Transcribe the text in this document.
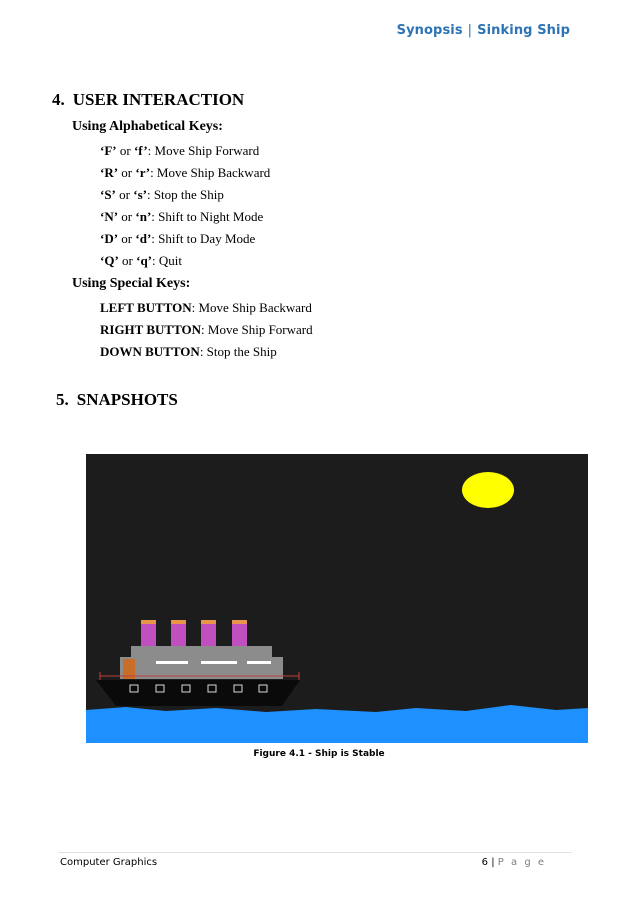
Synopsis | Sinking Ship
4. USER INTERACTION
Using Alphabetical Keys:
‘F’ or ‘f’: Move Ship Forward
‘R’ or ‘r’: Move Ship Backward
‘S’ or ‘s’: Stop the Ship
‘N’ or ‘n’: Shift to Night Mode
‘D’ or ‘d’: Shift to Day Mode
‘Q’ or ‘q’: Quit
Using Special Keys:
LEFT BUTTON: Move Ship Backward
RIGHT BUTTON: Move Ship Forward
DOWN BUTTON: Stop the Ship
5. SNAPSHOTS
Figure 4.1 - Ship is Stable
Computer Graphics	6 | P a g e
